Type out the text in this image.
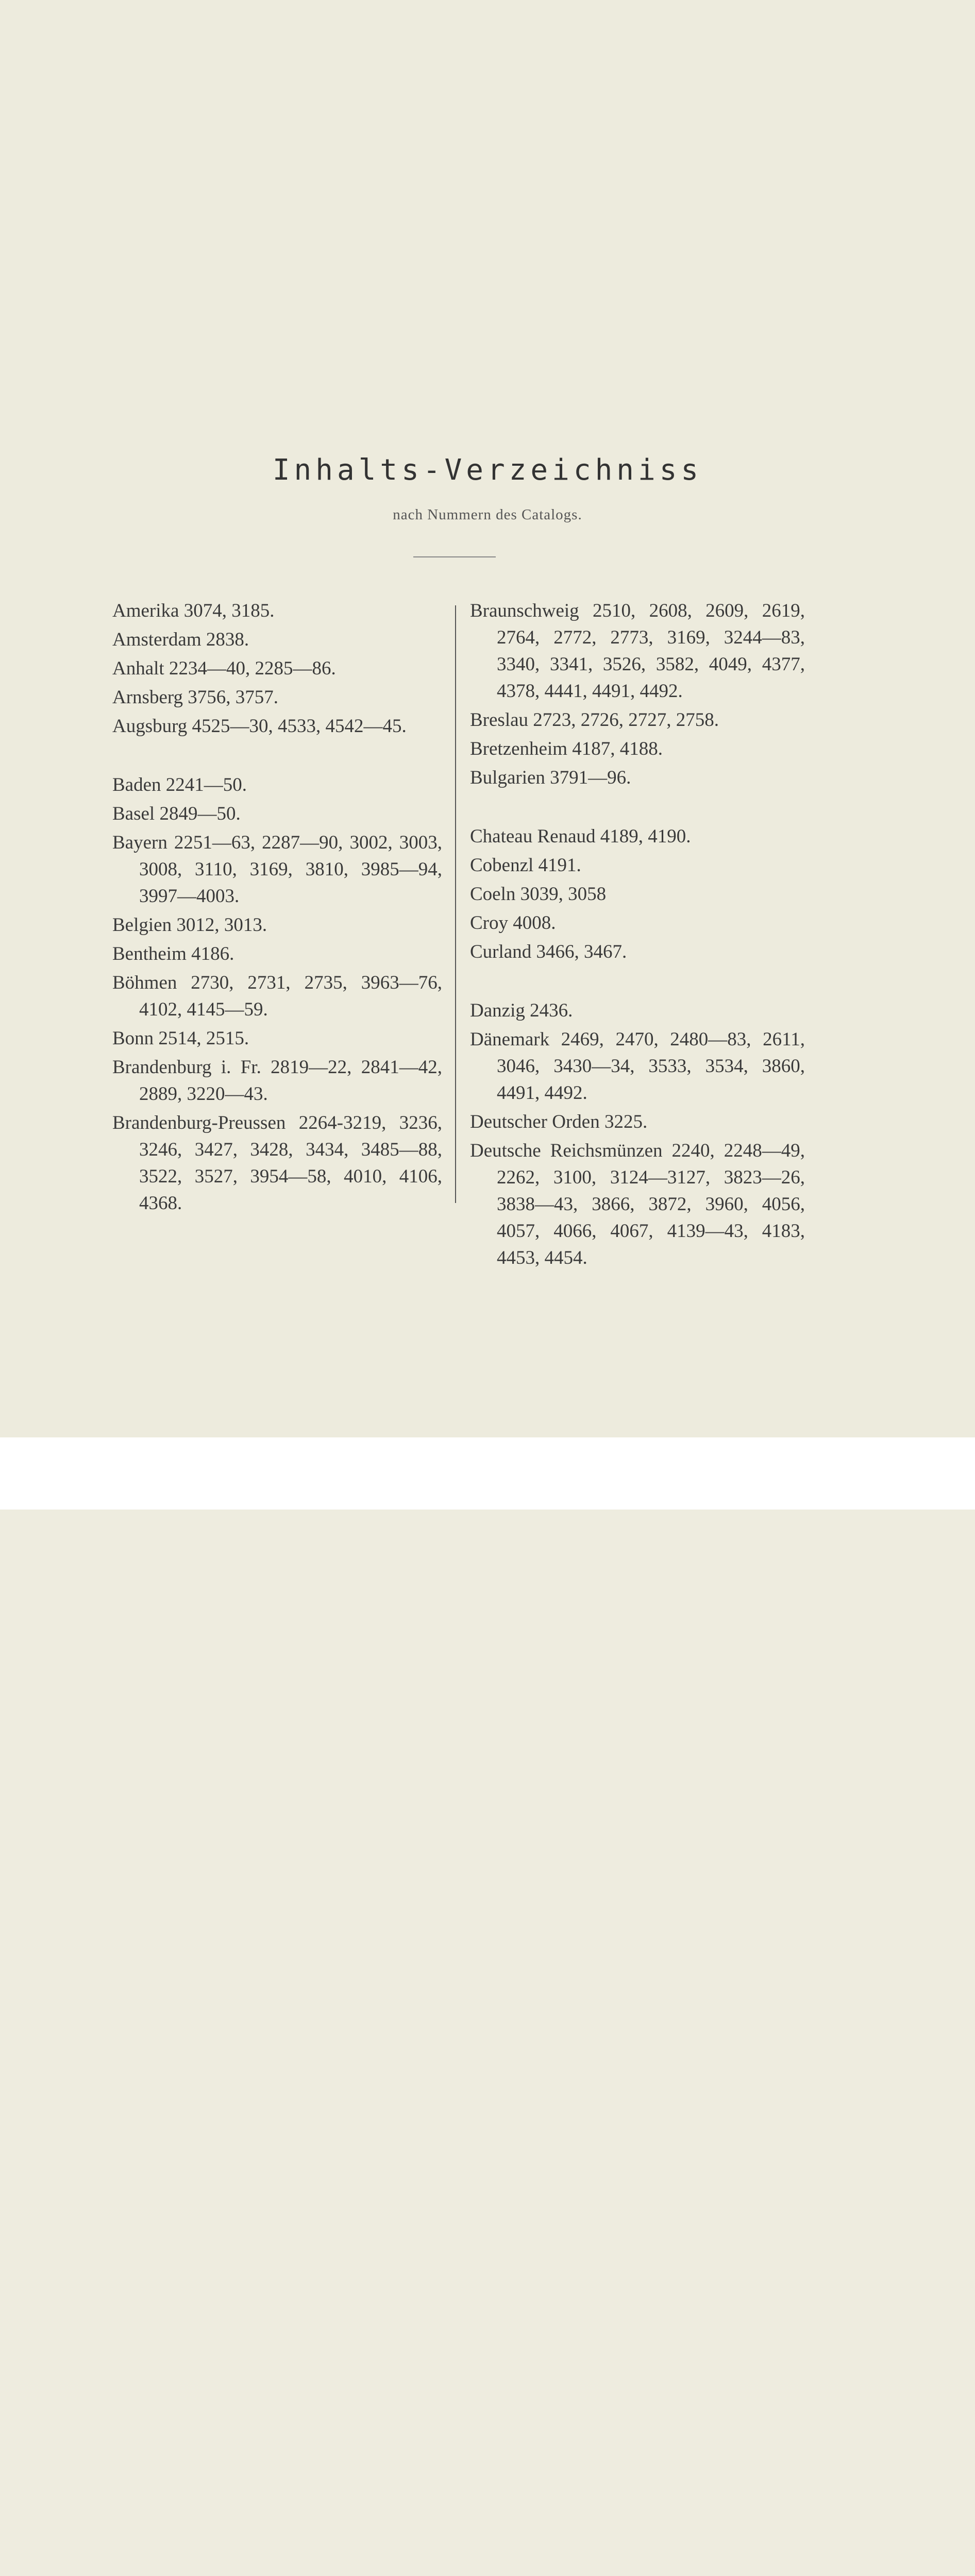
Inhalts-Verzeichniss
nach Nummern des Catalogs.
Amerika 3074, 3185.
Amsterdam 2838.
Anhalt 2234—40, 2285—86.
Arnsberg 3756, 3757.
Augsburg 4525—30, 4533, 4542—45.
Baden 2241—50.
Basel 2849—50.
Bayern 2251—63, 2287—90, 3002, 3003, 3008, 3110, 3169, 3810, 3985—94, 3997—4003.
Belgien 3012, 3013.
Bentheim 4186.
Böhmen 2730, 2731, 2735, 3963—76, 4102, 4145—59.
Bonn 2514, 2515.
Brandenburg i. Fr. 2819—22, 2841—42, 2889, 3220—43.
Brandenburg-Preussen 2264-3219, 3236, 3246, 3427, 3428, 3434, 3485—88, 3522, 3527, 3954—58, 4010, 4106, 4368.
Braunschweig 2510, 2608, 2609, 2619, 2764, 2772, 2773, 3169, 3244—83, 3340, 3341, 3526, 3582, 4049, 4377, 4378, 4441, 4491, 4492.
Breslau 2723, 2726, 2727, 2758.
Bretzenheim 4187, 4188.
Bulgarien 3791—96.
Chateau Renaud 4189, 4190.
Cobenzl 4191.
Coeln 3039, 3058
Croy 4008.
Curland 3466, 3467.
Danzig 2436.
Dänemark 2469, 2470, 2480—83, 2611, 3046, 3430—34, 3533, 3534, 3860, 4491, 4492.
Deutscher Orden 3225.
Deutsche Reichsmünzen 2240, 2248—49, 2262, 3100, 3124—3127, 3823—26, 3838—43, 3866, 3872, 3960, 4056, 4057, 4066, 4067, 4139—43, 4183, 4453, 4454.
